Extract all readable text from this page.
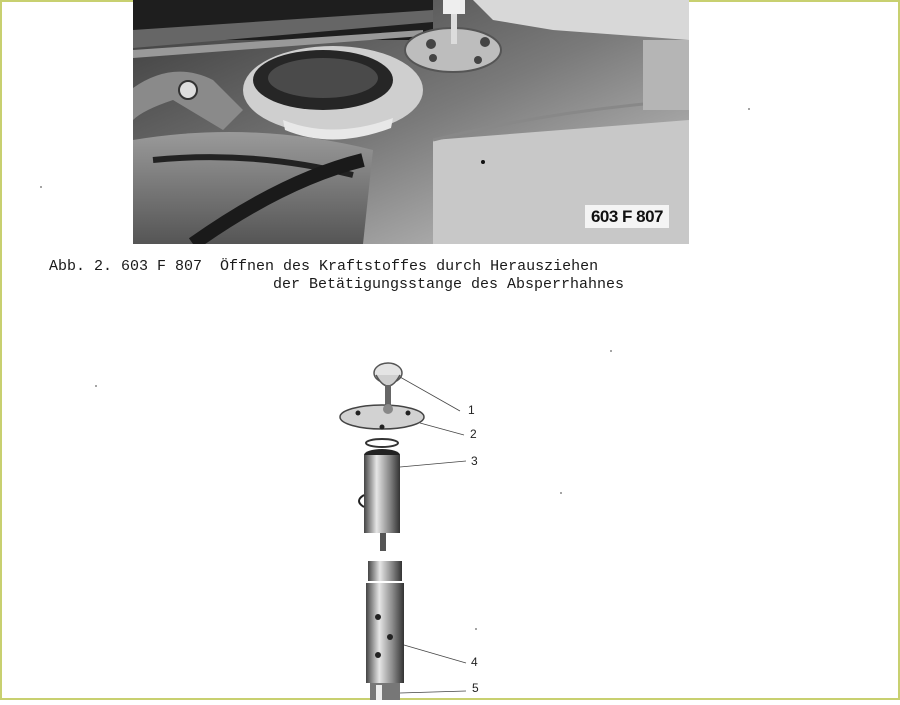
603 F 807
Abb. 2. 603 F 807  Öffnen des Kraftstoffes durch Herausziehen
der Betätigungsstange des Absperrhahnes
1
2
3
4
5
